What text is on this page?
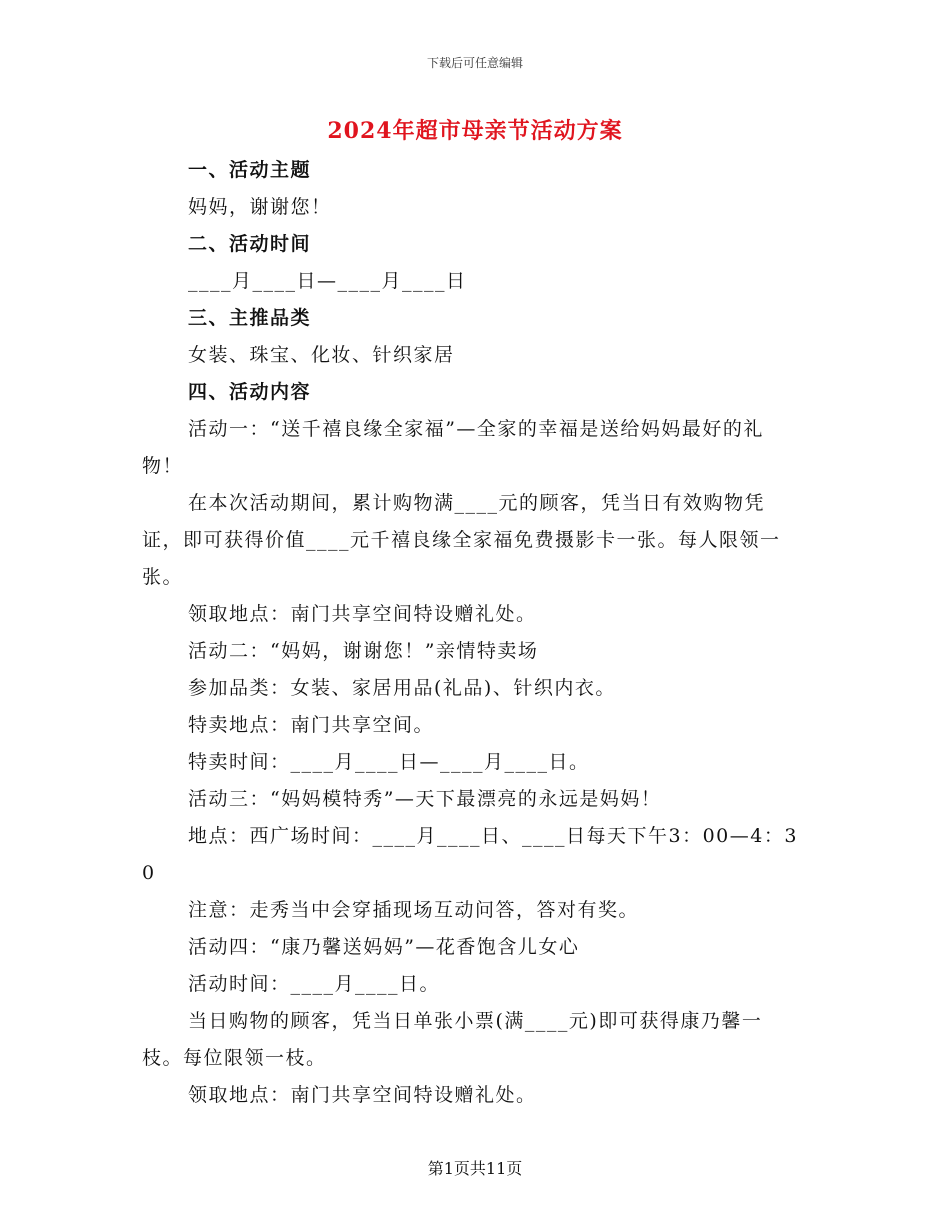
下载后可任意编辑
2024年超市母亲节活动方案

一、活动主题

妈妈，谢谢您！

二、活动时间

____月____日—____月____日

三、主推品类

女装、珠宝、化妆、针织家居

四、活动内容

活动一：“送千禧良缘全家福”—全家的幸福是送给妈妈最好的礼物！

在本次活动期间，累计购物满____元的顾客，凭当日有效购物凭证，即可获得价值____元千禧良缘全家福免费摄影卡一张。每人限领一张。

领取地点：南门共享空间特设赠礼处。

活动二：“妈妈，谢谢您！”亲情特卖场

参加品类：女装、家居用品(礼品)、针织内衣。

特卖地点：南门共享空间。

特卖时间：____月____日—____月____日。

活动三：“妈妈模特秀”—天下最漂亮的永远是妈妈！

地点：西广场时间：____月____日、____日每天下午3：00—4：30

注意：走秀当中会穿插现场互动问答，答对有奖。

活动四：“康乃馨送妈妈”—花香饱含儿女心

活动时间：____月____日。

当日购物的顾客，凭当日单张小票(满____元)即可获得康乃馨一枝。每位限领一枝。

领取地点：南门共享空间特设赠礼处。

第1页共11页
